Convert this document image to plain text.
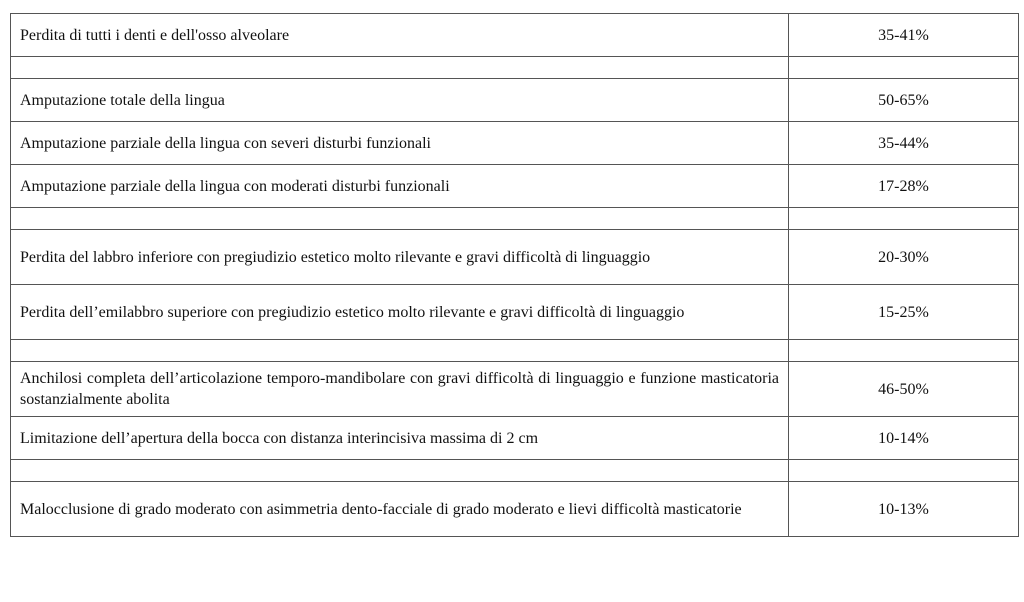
Perdita di tutti i denti e dell'osso alveolare	35-41%

Amputazione totale della lingua	50-65%
Amputazione parziale della lingua con severi disturbi funzionali	35-44%
Amputazione parziale della lingua con moderati disturbi funzionali	17-28%

Perdita del labbro inferiore con pregiudizio estetico molto rilevante e gravi difficoltà di linguaggio	20-30%
Perdita dell’emilabbro superiore con pregiudizio estetico molto rilevante e gravi difficoltà di linguaggio	15-25%

Anchilosi completa dell’articolazione temporo-mandibolare con gravi difficoltà di linguaggio e funzione masticatoria sostanzialmente abolita	46-50%
Limitazione dell’apertura della bocca con distanza interincisiva massima di 2 cm	10-14%

Malocclusione di grado moderato con asimmetria dento-facciale di grado moderato e lievi difficoltà masticatorie	10-13%
